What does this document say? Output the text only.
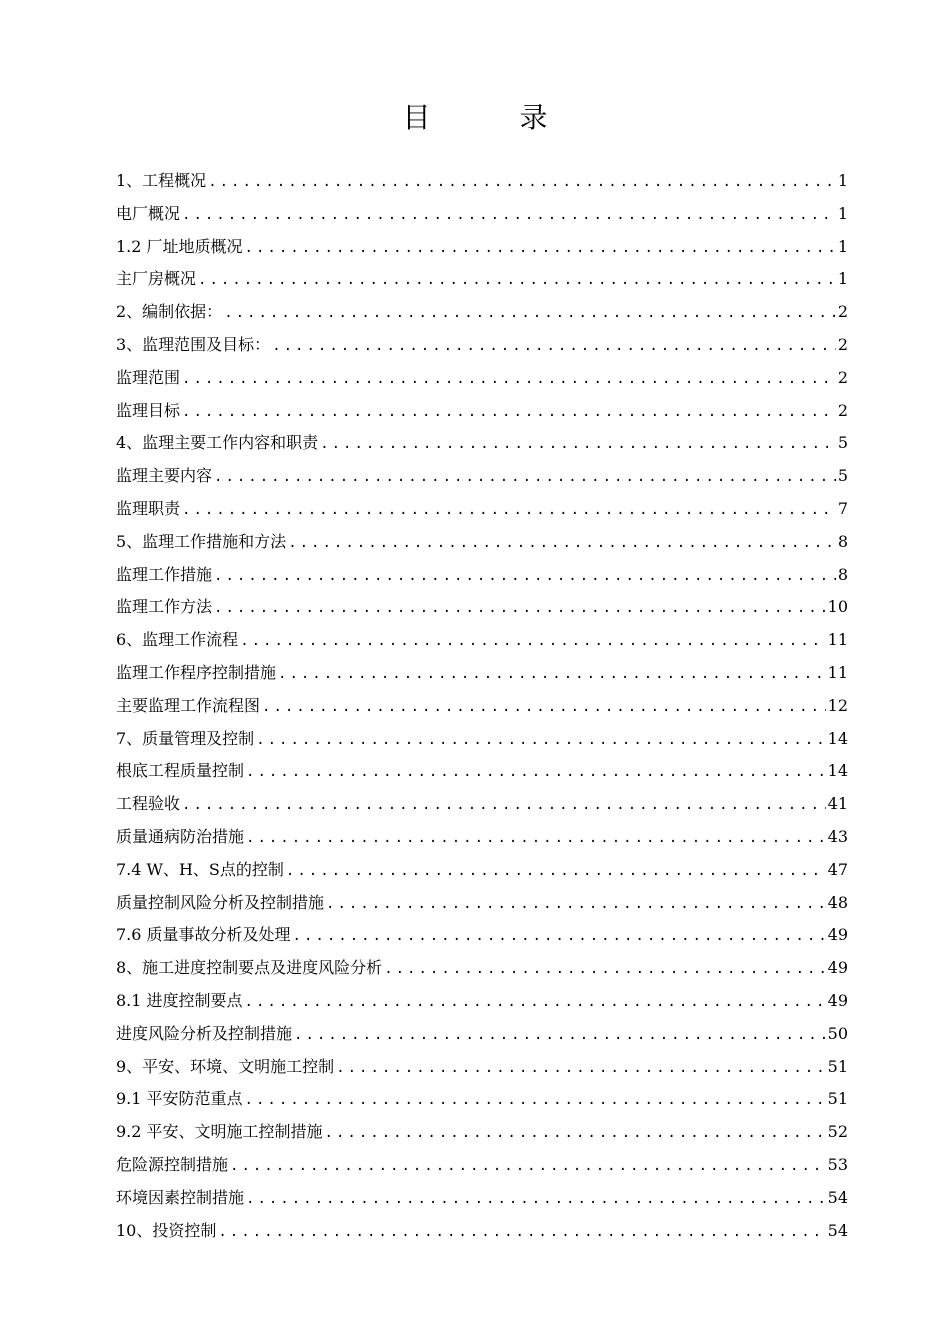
目 录
1、工程概况 .....	1
电厂概况 .....	1
1.2 厂址地质概况 .....	1
主厂房概况 .....	1
2、编制依据： .....	2
3、监理范围及目标： .....	2
监理范围 .....	2
监理目标 .....	2
4、监理主要工作内容和职责 .....	5
监理主要内容 .....	5
监理职责 .....	7
5、监理工作措施和方法 .....	8
监理工作措施 .....	8
监理工作方法 .....	10
6、监理工作流程 .....	11
监理工作程序控制措施 .....	11
主要监理工作流程图 .....	12
7、质量管理及控制 .....	14
根底工程质量控制 .....	14
工程验收 .....	41
质量通病防治措施 .....	43
7.4 W、H、S点的控制 .....	47
质量控制风险分析及控制措施 .....	48
7.6 质量事故分析及处理 .....	49
8、施工进度控制要点及进度风险分析 .....	49
8.1 进度控制要点 .....	49
进度风险分析及控制措施 .....	50
9、平安、环境、文明施工控制 .....	51
9.1 平安防范重点 .....	51
9.2 平安、文明施工控制措施 .....	52
危险源控制措施 .....	53
环境因素控制措施 .....	54
10、投资控制 .....	54
